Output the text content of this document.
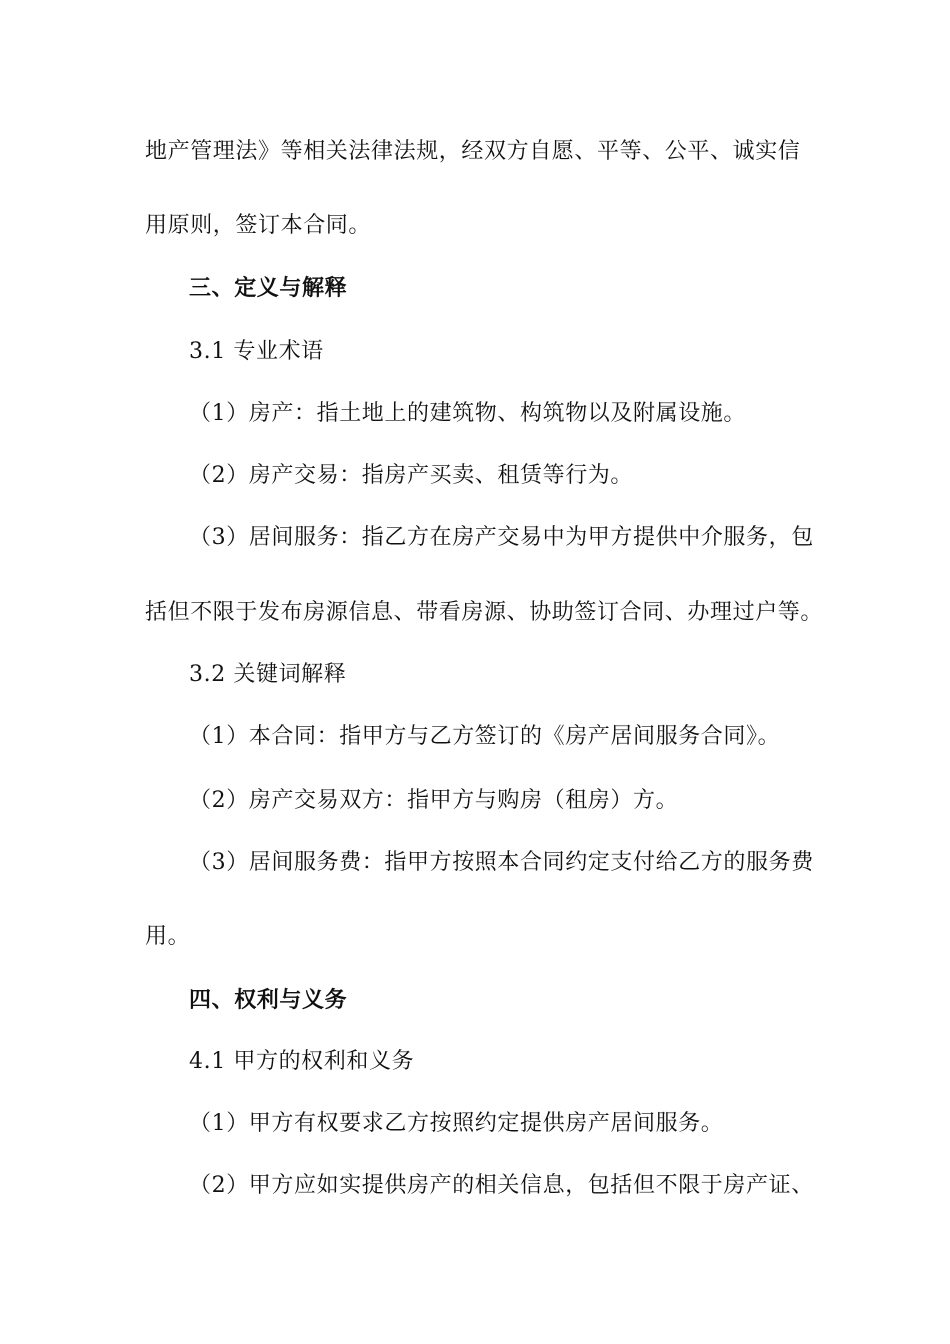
地产管理法》等相关法律法规，经双方自愿、平等、公平、诚实信
用原则，签订本合同。
三、定义与解释
3.1 专业术语
（1）房产：指土地上的建筑物、构筑物以及附属设施。
（2）房产交易：指房产买卖、租赁等行为。
（3）居间服务：指乙方在房产交易中为甲方提供中介服务，包
括但不限于发布房源信息、带看房源、协助签订合同、办理过户等。
3.2 关键词解释
（1）本合同：指甲方与乙方签订的《房产居间服务合同》。
（2）房产交易双方：指甲方与购房（租房）方。
（3）居间服务费：指甲方按照本合同约定支付给乙方的服务费
用。
四、权利与义务
4.1 甲方的权利和义务
（1）甲方有权要求乙方按照约定提供房产居间服务。
（2）甲方应如实提供房产的相关信息，包括但不限于房产证、
